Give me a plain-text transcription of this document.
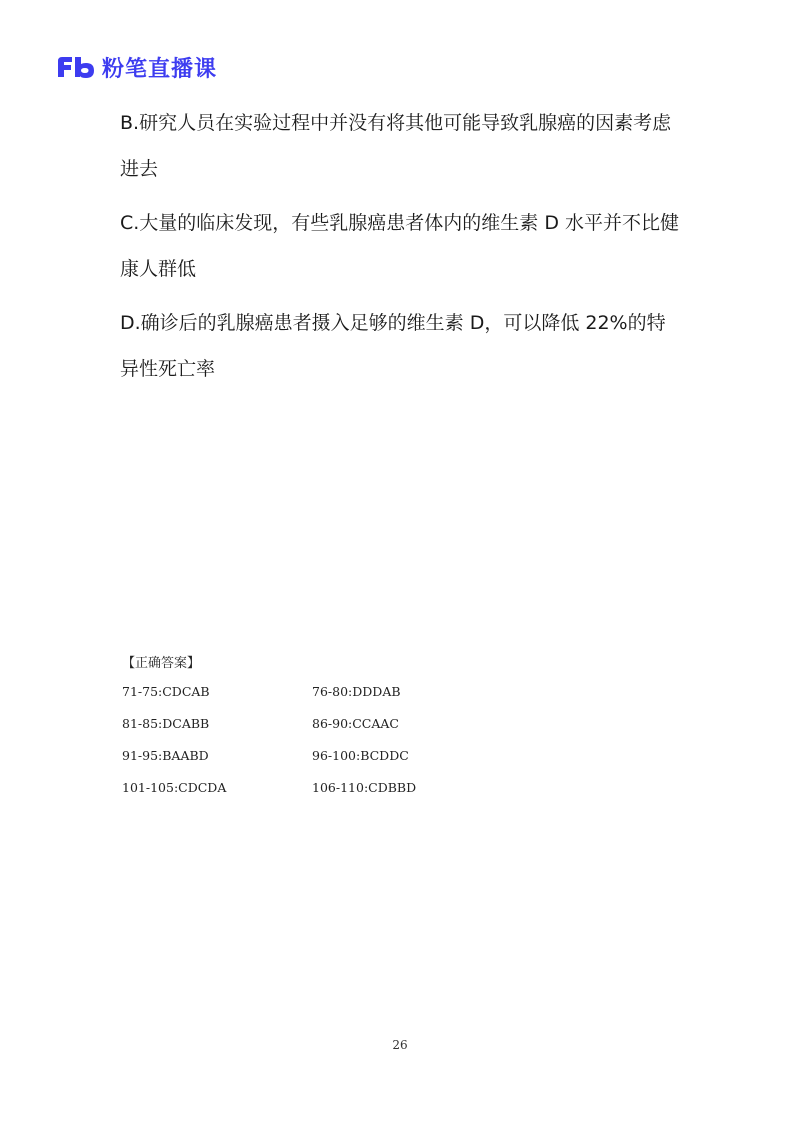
粉笔直播课
B.研究人员在实验过程中并没有将其他可能导致乳腺癌的因素考虑进去
C.大量的临床发现，有些乳腺癌患者体内的维生素 D 水平并不比健康人群低
D.确诊后的乳腺癌患者摄入足够的维生素 D，可以降低 22%的特异性死亡率
【正确答案】
71-75:CDCAB	76-80:DDDAB
81-85:DCABB	86-90:CCAAC
91-95:BAABD	96-100:BCDDC
101-105:CDCDA	106-110:CDBBD
26
